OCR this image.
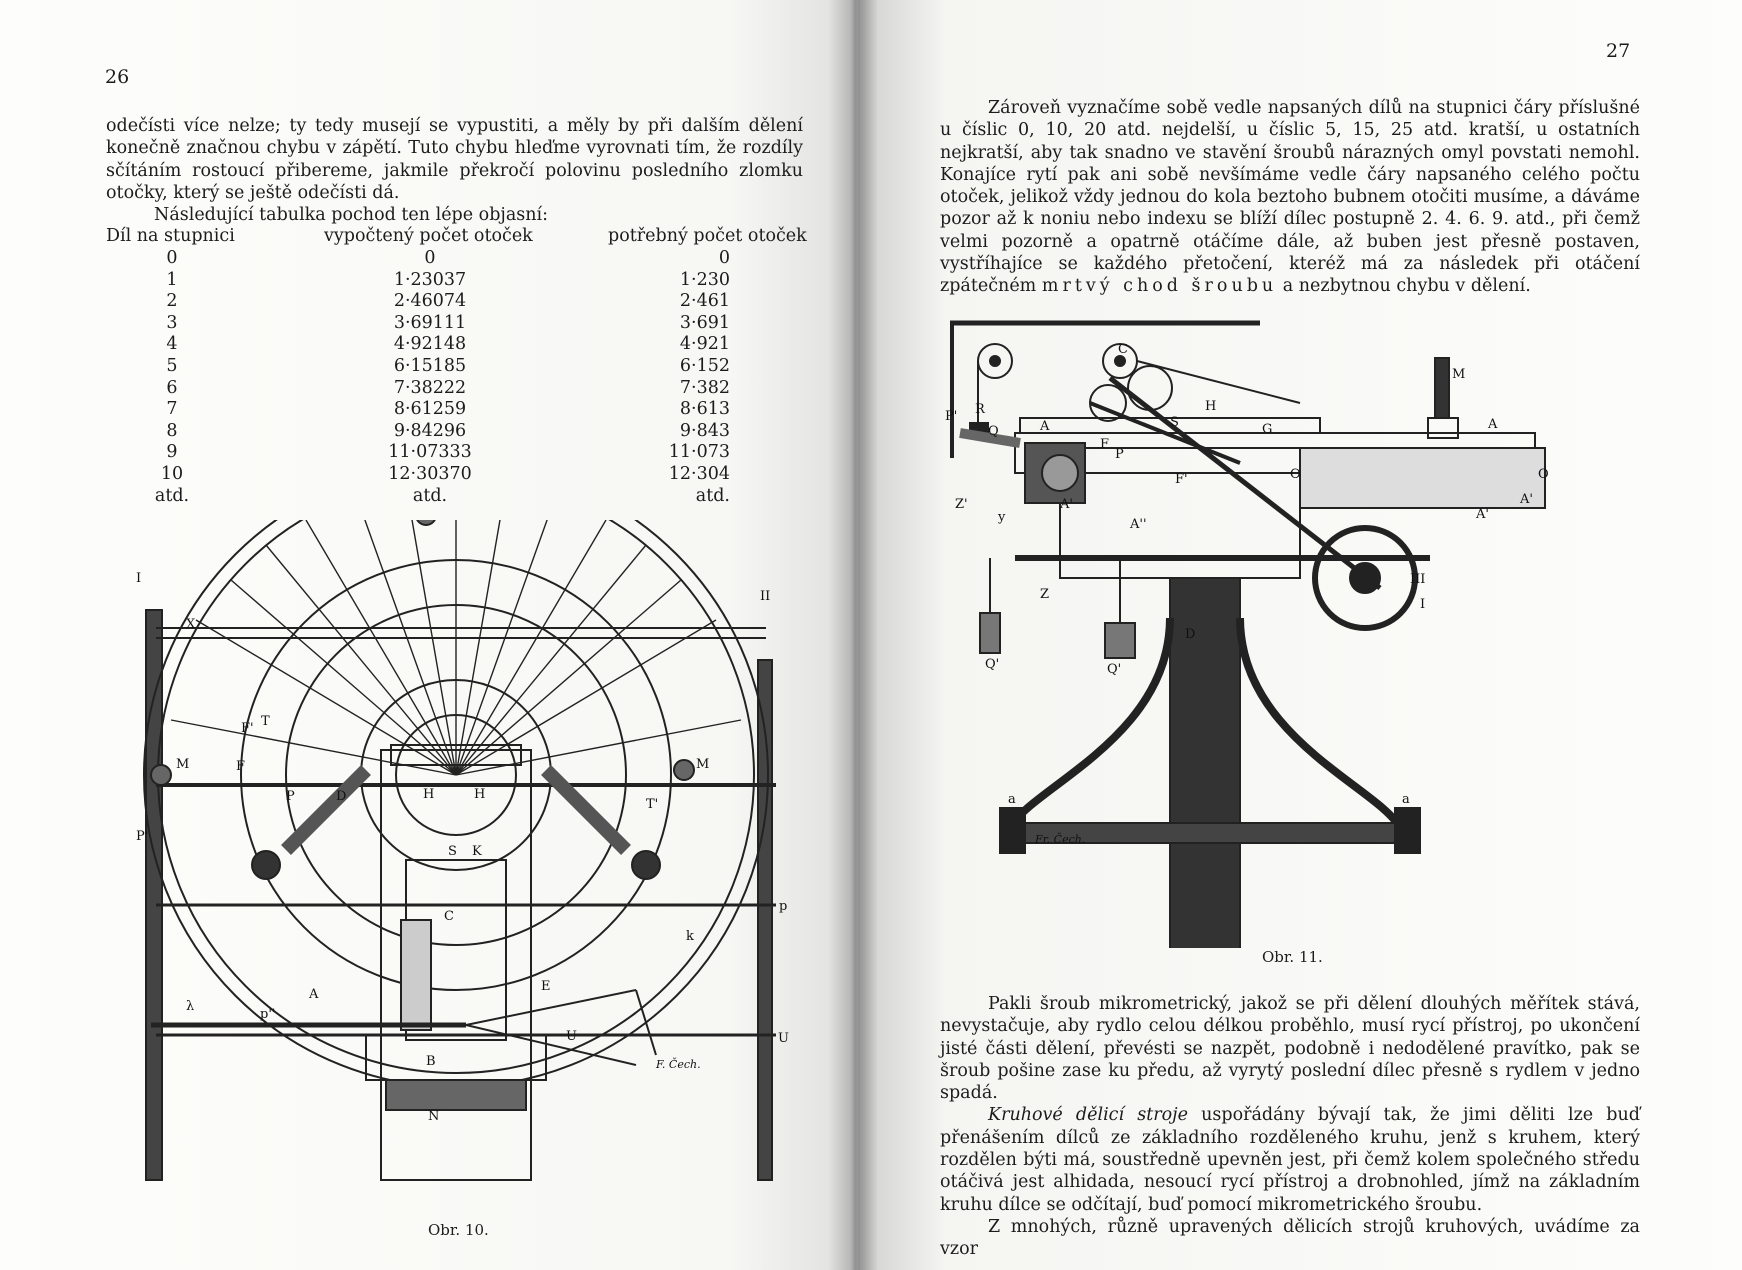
26

odečísti více nelze; ty tedy musejí se vypustiti, a měly by při dalším dělení konečně značnou chybu v zápětí. Tuto chybu hleďme vyrovnati tím, že rozdíly sčítáním rostoucí přibereme, jakmile překročí polovinu posledního zlomku otočky, který se ještě odečísti dá.

Následující tabulka pochod ten lépe objasní:

Díl na stupnici	vypočtený počet otoček	potřebný počet otoček
0	0	0
1	1·23037	1·230
2	2·46074	2·461
3	3·69111	3·691
4	4·92148	4·921
5	6·15185	6·152
6	7·38222	7·382
7	8·61259	8·613
8	9·84296	9·843
9	11·07333	11·073
10	12·30370	12·304
atd.	atd.	atd.
I
II
X
M	M
F' T
F
P	D	H	H
T'
P'
S K
C
E
A
λ
p''
U	U
B
N
k
p
F. Čech.
Obr. 10.
27

Zároveň vyznačíme sobě vedle napsaných dílů na stupnici čáry příslušné u číslic 0, 10, 20 atd. nejdelší, u číslic 5, 15, 25 atd. kratší, u ostatních nejkratší, aby tak snadno ve stavění šroubů nárazných omyl povstati nemohl. Konajíce rytí pak ani sobě nevšímáme vedle čáry napsaného celého počtu otoček, jelikož vždy jednou do kola beztoho bubnem otočiti musíme, a dáváme pozor až k noniu nebo indexu se blíží dílec postupně 2. 4. 6. 9. atd., při čemž velmi pozorně a opatrně otáčíme dále, až buben jest přesně postaven, vystříhajíce se každého přetočení, kteréž má za následek při otáčení zpátečném mrtvý chod šroubu a nezbytnou chybu v dělení.

C
R	H
Q
P'
G
A	A
S
P
F
F'
A'
A''
Z'
y
O	O
A'
A'
M
III
I
Z
Q'	Q'
D
a	a
Fr. Čech.
Obr. 11.

Pakli šroub mikrometrický, jakož se při dělení dlouhých měřítek stává, nevystačuje, aby rydlo celou délkou proběhlo, musí rycí přístroj, po ukončení jisté části dělení, převésti se nazpět, podobně i nedodělené pravítko, pak se šroub pošine zase ku předu, až vyrytý poslední dílec přesně s rydlem v jedno spadá.

Kruhové dělicí stroje uspořádány bývají tak, že jimi děliti lze buď přenášením dílců ze základního rozděleného kruhu, jenž s kruhem, který rozdělen býti má, soustředně upevněn jest, při čemž kolem společného středu otáčivá jest alhidada, nesoucí rycí přístroj a drobnohled, jímž na základním kruhu dílce se odčítají, buď pomocí mikrometrického šroubu.

Z mnohých, různě upravených dělicích strojů kruhových, uvádíme za vzor
